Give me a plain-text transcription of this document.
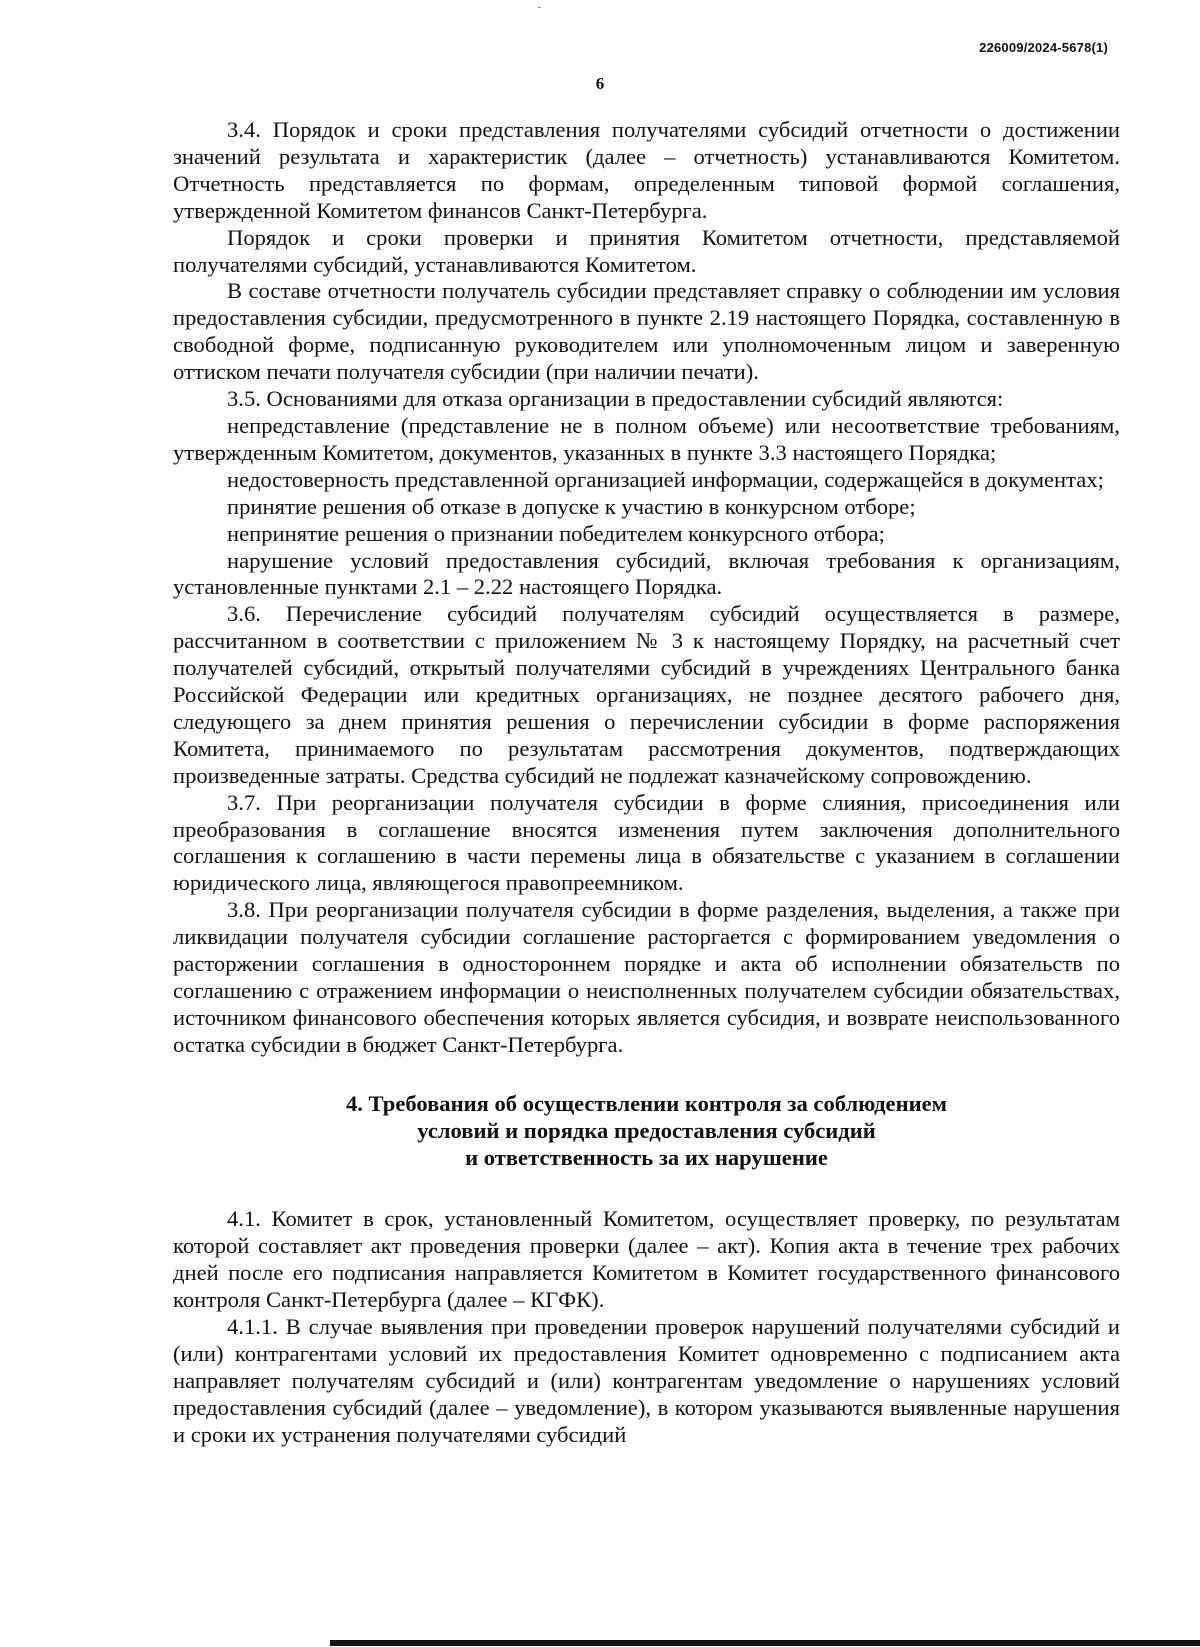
226009/2024-5678(1)
6

3.4. Порядок и сроки представления получателями субсидий отчетности о достижении значений результата и характеристик (далее – отчетность) устанавливаются Комитетом. Отчетность представляется по формам, определенным типовой формой соглашения, утвержденной Комитетом финансов Санкт-Петербурга.

Порядок и сроки проверки и принятия Комитетом отчетности, представляемой получателями субсидий, устанавливаются Комитетом.

В составе отчетности получатель субсидии представляет справку о соблюдении им условия предоставления субсидии, предусмотренного в пункте 2.19 настоящего Порядка, составленную в свободной форме, подписанную руководителем или уполномоченным лицом и заверенную оттиском печати получателя субсидии (при наличии печати).

3.5. Основаниями для отказа организации в предоставлении субсидий являются:

непредставление (представление не в полном объеме) или несоответствие требованиям, утвержденным Комитетом, документов, указанных в пункте 3.3 настоящего Порядка;

недостоверность представленной организацией информации, содержащейся в документах;

принятие решения об отказе в допуске к участию в конкурсном отборе;

непринятие решения о признании победителем конкурсного отбора;

нарушение условий предоставления субсидий, включая требования к организациям, установленные пунктами 2.1 – 2.22 настоящего Порядка.

3.6. Перечисление субсидий получателям субсидий осуществляется в размере, рассчитанном в соответствии с приложением № 3 к настоящему Порядку, на расчетный счет получателей субсидий, открытый получателями субсидий в учреждениях Центрального банка Российской Федерации или кредитных организациях, не позднее десятого рабочего дня, следующего за днем принятия решения о перечислении субсидии в форме распоряжения Комитета, принимаемого по результатам рассмотрения документов, подтверждающих произведенные затраты. Средства субсидий не подлежат казначейскому сопровождению.

3.7. При реорганизации получателя субсидии в форме слияния, присоединения или преобразования в соглашение вносятся изменения путем заключения дополнительного соглашения к соглашению в части перемены лица в обязательстве с указанием в соглашении юридического лица, являющегося правопреемником.

3.8. При реорганизации получателя субсидии в форме разделения, выделения, а также при ликвидации получателя субсидии соглашение расторгается с формированием уведомления о расторжении соглашения в одностороннем порядке и акта об исполнении обязательств по соглашению с отражением информации о неисполненных получателем субсидии обязательствах, источником финансового обеспечения которых является субсидия, и возврате неиспользованного остатка субсидии в бюджет Санкт-Петербурга.

4. Требования об осуществлении контроля за соблюдением
условий и порядка предоставления субсидий
и ответственность за их нарушение

4.1. Комитет в срок, установленный Комитетом, осуществляет проверку, по результатам которой составляет акт проведения проверки (далее – акт). Копия акта в течение трех рабочих дней после его подписания направляется Комитетом в Комитет государственного финансового контроля Санкт-Петербурга (далее – КГФК).

4.1.1. В случае выявления при проведении проверок нарушений получателями субсидий и (или) контрагентами условий их предоставления Комитет одновременно с подписанием акта направляет получателям субсидий и (или) контрагентам уведомление о нарушениях условий предоставления субсидий (далее – уведомление), в котором указываются выявленные нарушения и сроки их устранения получателями субсидий
